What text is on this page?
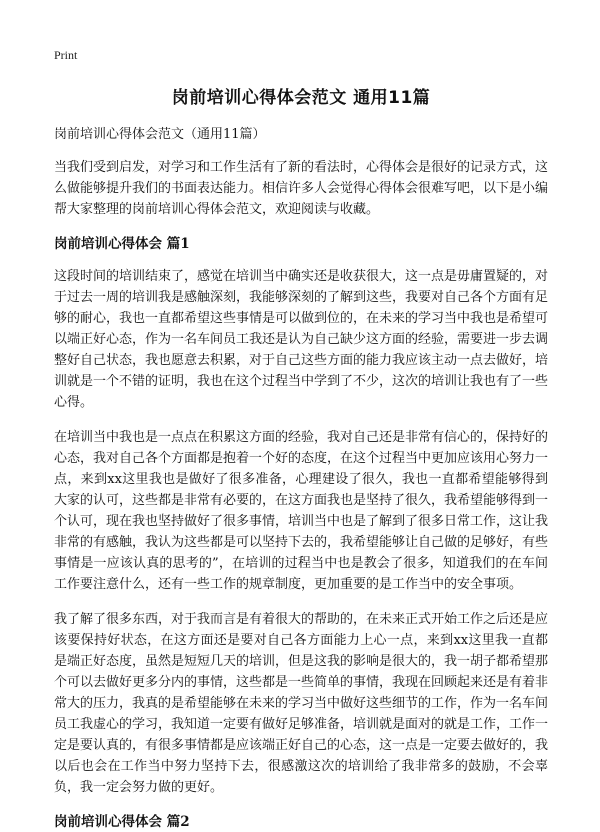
Print
岗前培训心得体会范文 通用11篇
岗前培训心得体会范文（通用11篇）

当我们受到启发，对学习和工作生活有了新的看法时，心得体会是很好的记录方式，这么做能够提升我们的书面表达能力。相信许多人会觉得心得体会很难写吧，以下是小编帮大家整理的岗前培训心得体会范文，欢迎阅读与收藏。

岗前培训心得体会 篇1

这段时间的培训结束了，感觉在培训当中确实还是收获很大，这一点是毋庸置疑的，对于过去一周的培训我是感触深刻，我能够深刻的了解到这些，我要对自己各个方面有足够的耐心，我也一直都希望这些事情是可以做到位的，在未来的学习当中我也是希望可以端正好心态，作为一名车间员工我还是认为自己缺少这方面的经验，需要进一步去调整好自己状态，我也愿意去积累，对于自己这些方面的能力我应该主动一点去做好，培训就是一个不错的证明，我也在这个过程当中学到了不少，这次的培训让我也有了一些心得。

在培训当中我也是一点点在积累这方面的经验，我对自己还是非常有信心的，保持好的心态，我对自己各个方面都是抱着一个好的态度，在这个过程当中更加应该用心努力一点，来到xx这里我也是做好了很多准备，心理建设了很久，我也一直都希望能够得到大家的认可，这些都是非常有必要的，在这方面我也是坚持了很久，我希望能够得到一个认可，现在我也坚持做好了很多事情，培训当中也是了解到了很多日常工作，这让我非常的有感触，我认为这些都是可以坚持下去的，我希望能够让自己做的足够好，有些事情是一应该认真的思考的”，在培训的过程当中也是教会了很多，知道我们的在车间工作要注意什么，还有一些工作的规章制度，更加重要的是工作当中的安全事项。

我了解了很多东西，对于我而言是有着很大的帮助的，在未来正式开始工作之后还是应该要保持好状态，在这方面还是要对自己各方面能力上心一点，来到xx这里我一直都是端正好态度，虽然是短短几天的培训，但是这我的影响是很大的，我一胡子都希望那个可以去做好更多分内的事情，这些都是一些简单的事情，我现在回顾起来还是有着非常大的压力，我真的是希望能够在未来的学习当中做好这些细节的工作，作为一名车间员工我虚心的学习，我知道一定要有做好足够准备，培训就是面对的就是工作，工作一定是要认真的，有很多事情都是应该端正好自己的心态，这一点是一定要去做好的，我以后也会在工作当中努力坚持下去，很感激这次的培训给了我非常多的鼓励，不会辜负，我一定会努力做的更好。

岗前培训心得体会 篇2
